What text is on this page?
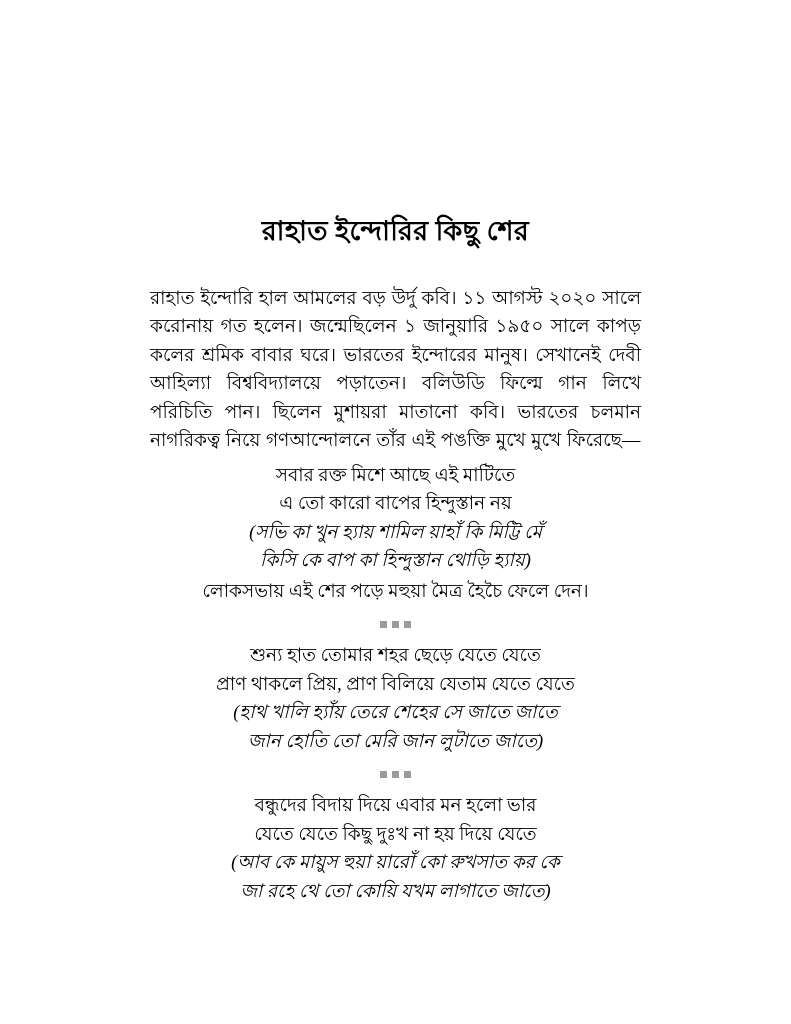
রাহাত ইন্দোরির কিছু শের

রাহাত ইন্দোরি হাল আমলের বড় উর্দু কবি। ১১ আগস্ট ২০২০ সালে করোনায় গত হলেন। জন্মেছিলেন ১ জানুয়ারি ১৯৫০ সালে কাপড় কলের শ্রমিক বাবার ঘরে। ভারতের ইন্দোরের মানুষ। সেখানেই দেবী আহিল্যা বিশ্ববিদ্যালয়ে পড়াতেন। বলিউডি ফিল্মে গান লিখে পরিচিতি পান। ছিলেন মুশায়রা মাতানো কবি। ভারতের চলমান নাগরিকত্ব নিয়ে গণআন্দোলনে তাঁর এই পঙক্তি মুখে মুখে ফিরেছে—

সবার রক্ত মিশে আছে এই মাটিতে
এ তো কারো বাপের হিন্দুস্তান নয়
(সভি কা খুন হ্যায় শামিল য়াহাঁ কি মিট্টি মেঁ
কিসি কে বাপ কা হিন্দুস্তান থোড়ি হ্যায়)

লোকসভায় এই শের পড়ে মহুয়া মৈত্র হৈচৈ ফেলে দেন।

শুন্য হাত তোমার শহর ছেড়ে যেতে যেতে
প্রাণ থাকলে প্রিয়, প্রাণ বিলিয়ে যেতাম যেতে যেতে
(হাথ খালি হ্যাঁয় তেরে শেহের সে জাতে জাতে
জান হোতি তো মেরি জান লুটাতে জাতে)
বন্ধুদের বিদায় দিয়ে এবার মন হলো ভার
যেতে যেতে কিছু দুঃখ না হয় দিয়ে যেতে
(আব কে মায়ুস হুয়া য়ারোঁ কো রুখসাত কর কে
জা রহে থে তো কোয়ি যখম লাগাতে জাতে)
